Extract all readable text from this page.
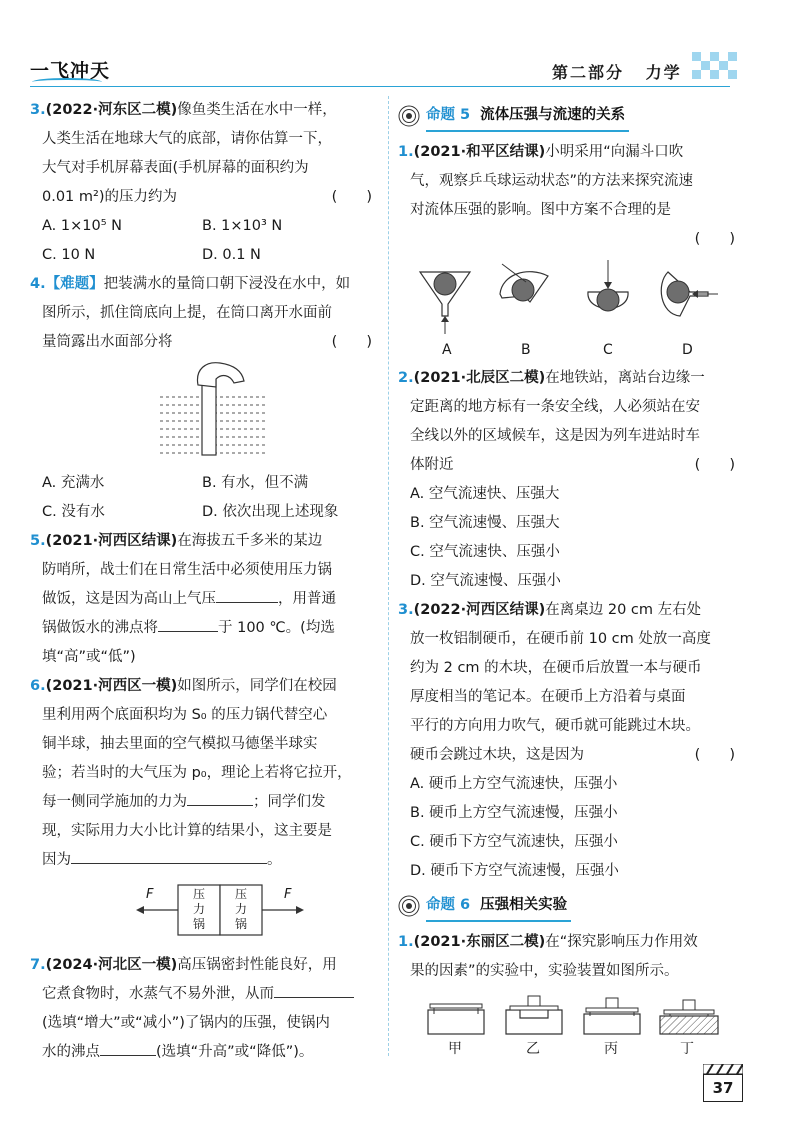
一飞冲天	第二部分 力学
3.(2022·河东区二模)像鱼类生活在水中一样，
人类生活在地球大气的底部，请你估算一下，
大气对手机屏幕表面(手机屏幕的面积约为
0.01 m²)的压力约为	(　　)
A. 1×10⁵ N	B. 1×10³ N
C. 10 N	D. 0.1 N
4.【难题】把装满水的量筒口朝下浸没在水中，如
图所示，抓住筒底向上提，在筒口离开水面前
量筒露出水面部分将	(　　)
A. 充满水	B. 有水，但不满
C. 没有水	D. 依次出现上述现象
5.(2021·河西区结课)在海拔五千多米的某边
防哨所，战士们在日常生活中必须使用压力锅
做饭，这是因为高山上气压	，用普通
锅做饭水的沸点将	于 100 ℃。(均选
填“高”或“低”)
6.(2021·河西区一模)如图所示，同学们在校园
里利用两个底面积均为 S₀ 的压力锅代替空心
铜半球，抽去里面的空气模拟马德堡半球实
验；若当时的大气压为 p₀，理论上若将它拉开，
每一侧同学施加的力为	；同学们发
现，实际用力大小比计算的结果小，这主要是
因为	。
F	F
压力锅
压力锅
7.(2024·河北区一模)高压锅密封性能良好，用
它煮食物时，水蒸气不易外泄，从而
(选填“增大”或“减小”)了锅内的压强，使锅内
水的沸点	(选填“升高”或“降低”)。
命题 5 流体压强与流速的关系
1.(2021·和平区结课)小明采用“向漏斗口吹
气，观察乒乓球运动状态”的方法来探究流速
对流体压强的影响。图中方案不合理的是
(　　)
A	B	C	D
2.(2021·北辰区二模)在地铁站，离站台边缘一
定距离的地方标有一条安全线，人必须站在安
全线以外的区域候车，这是因为列车进站时车
体附近	(　　)
A. 空气流速快、压强大
B. 空气流速慢、压强大
C. 空气流速快、压强小
D. 空气流速慢、压强小
3.(2022·河西区结课)在离桌边 20 cm 左右处
放一枚铝制硬币，在硬币前 10 cm 处放一高度
约为 2 cm 的木块，在硬币后放置一本与硬币
厚度相当的笔记本。在硬币上方沿着与桌面
平行的方向用力吹气，硬币就可能跳过木块。
硬币会跳过木块，这是因为	(　　)
A. 硬币上方空气流速快，压强小
B. 硬币上方空气流速慢，压强小
C. 硬币下方空气流速快，压强小
D. 硬币下方空气流速慢，压强小
命题 6 压强相关实验
1.(2021·东丽区二模)在“探究影响压力作用效
果的因素”的实验中，实验装置如图所示。
甲	乙	丙	丁
37
